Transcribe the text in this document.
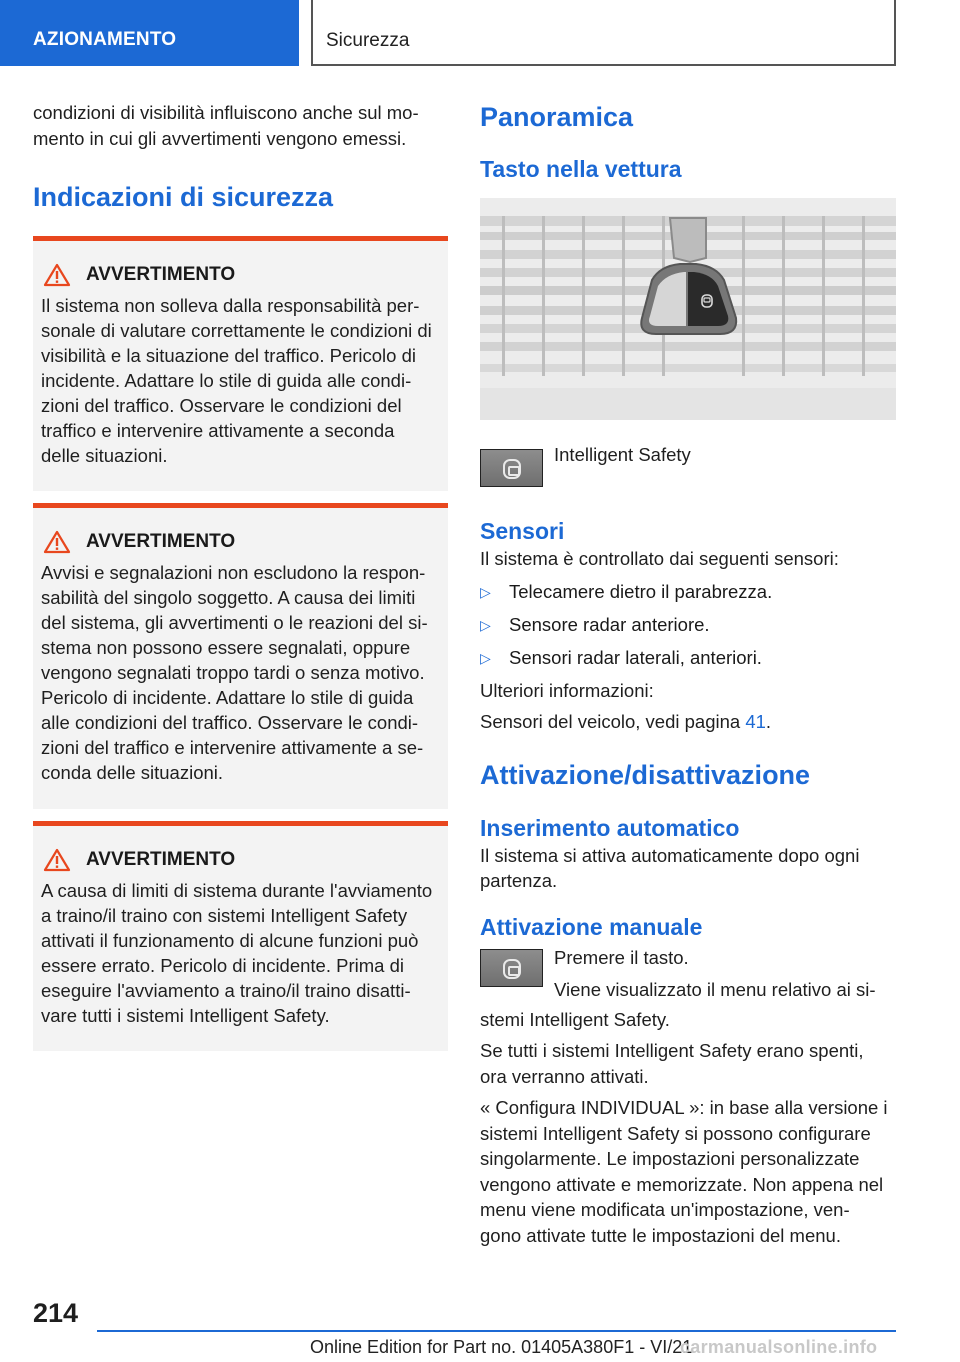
AZIONAMENTO	Sicurezza
condizioni di visibilità influiscono anche sul mo-
mento in cui gli avvertimenti vengono emessi.
Indicazioni di sicurezza
AVVERTIMENTO
Il sistema non solleva dalla responsabilità per-
sonale di valutare correttamente le condizioni di
visibilità e la situazione del traffico. Pericolo di
incidente. Adattare lo stile di guida alle condi-
zioni del traffico. Osservare le condizioni del
traffico e intervenire attivamente a seconda
delle situazioni.
AVVERTIMENTO
Avvisi e segnalazioni non escludono la respon-
sabilità del singolo soggetto. A causa dei limiti
del sistema, gli avvertimenti o le reazioni del si-
stema non possono essere segnalati, oppure
vengono segnalati troppo tardi o senza motivo.
Pericolo di incidente. Adattare lo stile di guida
alle condizioni del traffico. Osservare le condi-
zioni del traffico e intervenire attivamente a se-
conda delle situazioni.
AVVERTIMENTO
A causa di limiti di sistema durante l'avviamento
a traino/il traino con sistemi Intelligent Safety
attivati il funzionamento di alcune funzioni può
essere errato. Pericolo di incidente. Prima di
eseguire l'avviamento a traino/il traino disatti-
vare tutti i sistemi Intelligent Safety.
Panoramica
Tasto nella vettura
Intelligent Safety
Sensori
Il sistema è controllato dai seguenti sensori:
▷ Telecamere dietro il parabrezza.
▷ Sensore radar anteriore.
▷ Sensori radar laterali, anteriori.
Ulteriori informazioni:
Sensori del veicolo, vedi pagina 41.
Attivazione/disattivazione
Inserimento automatico
Il sistema si attiva automaticamente dopo ogni
partenza.
Attivazione manuale
Premere il tasto.
Viene visualizzato il menu relativo ai si-
stemi Intelligent Safety.
Se tutti i sistemi Intelligent Safety erano spenti,
ora verranno attivati.
« Configura INDIVIDUAL »: in base alla versione i
sistemi Intelligent Safety si possono configurare
singolarmente. Le impostazioni personalizzate
vengono attivate e memorizzate. Non appena nel
menu viene modificata un'impostazione, ven-
gono attivate tutte le impostazioni del menu.
214
Online Edition for Part no. 01405A380F1 - VI/21
carmanualsonline.info
